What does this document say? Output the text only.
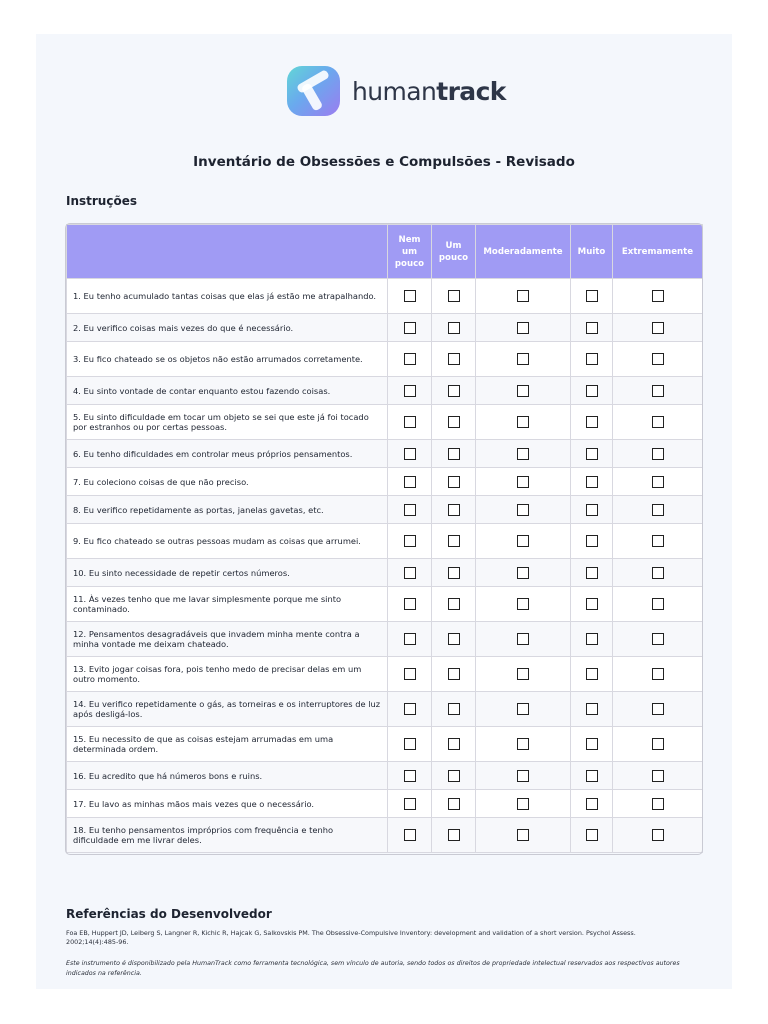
humantrack
Inventário de Obsessões e Compulsões - Revisado
Instruções
	Nem um pouco	Um pouco	Moderadamente	Muito	Extremamente
1. Eu tenho acumulado tantas coisas que elas já estão me atrapalhando.					
2. Eu verifico coisas mais vezes do que é necessário.					
3. Eu fico chateado se os objetos não estão arrumados corretamente.					
4. Eu sinto vontade de contar enquanto estou fazendo coisas.					
5. Eu sinto dificuldade em tocar um objeto se sei que este já foi tocado por estranhos ou por certas pessoas.					
6. Eu tenho dificuldades em controlar meus próprios pensamentos.					
7. Eu coleciono coisas de que não preciso.					
8. Eu verifico repetidamente as portas, janelas gavetas, etc.					
9. Eu fico chateado se outras pessoas mudam as coisas que arrumei.					
10. Eu sinto necessidade de repetir certos números.					
11. Às vezes tenho que me lavar simplesmente porque me sinto contaminado.					
12. Pensamentos desagradáveis que invadem minha mente contra a minha vontade me deixam chateado.					
13. Evito jogar coisas fora, pois tenho medo de precisar delas em um outro momento.					
14. Eu verifico repetidamente o gás, as torneiras e os interruptores de luz após desligá-los.					
15. Eu necessito de que as coisas estejam arrumadas em uma determinada ordem.					
16. Eu acredito que há números bons e ruins.					
17. Eu lavo as minhas mãos mais vezes que o necessário.					
18. Eu tenho pensamentos impróprios com frequência e tenho dificuldade em me livrar deles.					
Referências do Desenvolvedor
Foa EB, Huppert JD, Leiberg S, Langner R, Kichic R, Hajcak G, Salkovskis PM. The Obsessive-Compulsive Inventory: development and validation of a short version. Psychol Assess. 2002;14(4):485-96.
Este instrumento é disponibilizado pela HumanTrack como ferramenta tecnológica, sem vínculo de autoria, sendo todos os direitos de propriedade intelectual reservados aos respectivos autores indicados na referência.
